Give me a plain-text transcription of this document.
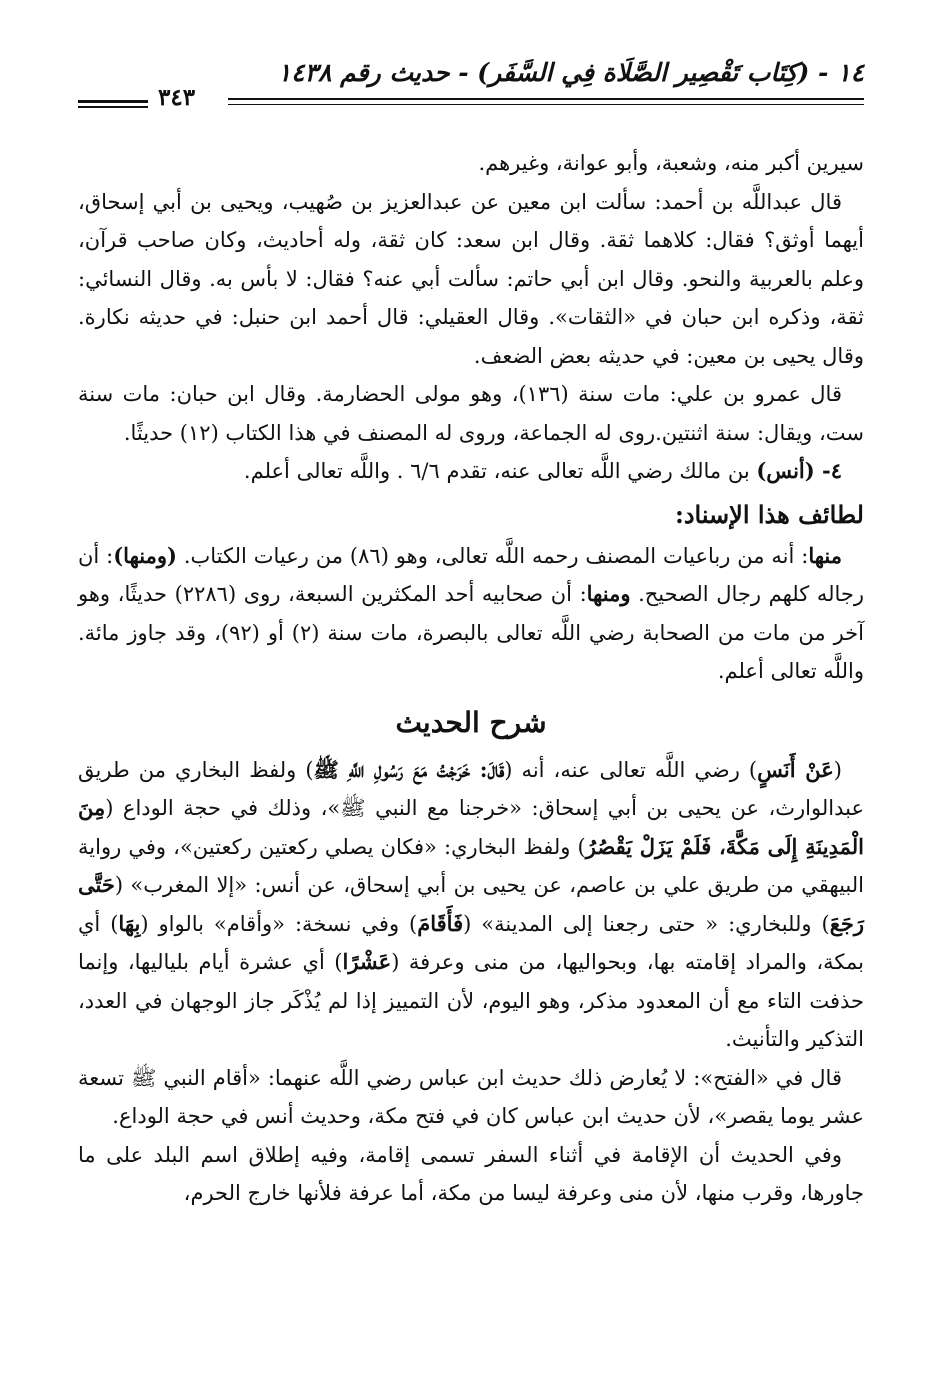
١٤ - (كِتَاب تَقْصِير الصَّلَاة فِي السَّفَر) - حديث رقم ١٤٣٨
٣٤٣

سيرين أكبر منه، وشعبة، وأبو عوانة، وغيرهم.

قال عبداللَّه بن أحمد: سألت ابن معين عن عبدالعزيز بن صُهيب، ويحيى بن أبي إسحاق، أيهما أوثق؟ فقال: كلاهما ثقة. وقال ابن سعد: كان ثقة، وله أحاديث، وكان صاحب قرآن، وعلم بالعربية والنحو. وقال ابن أبي حاتم: سألت أبي عنه؟ فقال: لا بأس به. وقال النسائي: ثقة، وذكره ابن حبان في «الثقات». وقال العقيلي: قال أحمد ابن حنبل: في حديثه نكارة. وقال يحيى بن معين: في حديثه بعض الضعف.

قال عمرو بن علي: مات سنة (١٣٦)، وهو مولى الحضارمة. وقال ابن حبان: مات سنة ست، ويقال: سنة اثنتين.روى له الجماعة، وروى له المصنف في هذا الكتاب (١٢) حديثًا.

٤- (أنس) بن مالك رضي اللَّه تعالى عنه، تقدم ٦/٦ . واللَّه تعالى أعلم.

لطائف هذا الإسناد:

منها: أنه من رباعيات المصنف رحمه اللَّه تعالى، وهو (٨٦) من رعيات الكتاب. (ومنها): أن رجاله كلهم رجال الصحيح. ومنها: أن صحابيه أحد المكثرين السبعة، روى (٢٢٨٦) حديثًا، وهو آخر من مات من الصحابة رضي اللَّه تعالى بالبصرة، مات سنة (٢) أو (٩٢)، وقد جاوز مائة. واللَّه تعالى أعلم.

شرح الحديث

(عَنْ أَنَسٍ) رضي اللَّه تعالى عنه، أنه (قَالَ: خَرَجْتُ مَعَ رَسُولِ اللَّهِ ﷺ) ولفظ البخاري من طريق عبدالوارث، عن يحيى بن أبي إسحاق: «خرجنا مع النبي ﷺ»، وذلك في حجة الوداع (مِنَ الْمَدِينَةِ إِلَى مَكَّةَ، فَلَمْ يَزَلْ يَقْصُرُ) ولفظ البخاري: «فكان يصلي ركعتين ركعتين»، وفي رواية البيهقي من طريق علي بن عاصم، عن يحيى بن أبي إسحاق، عن أنس: «إلا المغرب» (حَتَّى رَجَعَ) وللبخاري: « حتى رجعنا إلى المدينة» (فَأَقَامَ) وفي نسخة: «وأقام» بالواو (بِهَا) أي بمكة، والمراد إقامته بها، وبحواليها، من منى وعرفة (عَشْرًا) أي عشرة أيام بلياليها، وإنما حذفت التاء مع أن المعدود مذكر، وهو اليوم، لأن التمييز إذا لم يُذْكَر جاز الوجهان في العدد، التذكير والتأنيث.

قال في «الفتح»: لا يُعارض ذلك حديث ابن عباس رضي اللَّه عنهما: «أقام النبي ﷺ تسعة عشر يوما يقصر»، لأن حديث ابن عباس كان في فتح مكة، وحديث أنس في حجة الوداع.

وفي الحديث أن الإقامة في أثناء السفر تسمى إقامة، وفيه إطلاق اسم البلد على ما جاورها، وقرب منها، لأن منى وعرفة ليسا من مكة، أما عرفة فلأنها خارج الحرم،
